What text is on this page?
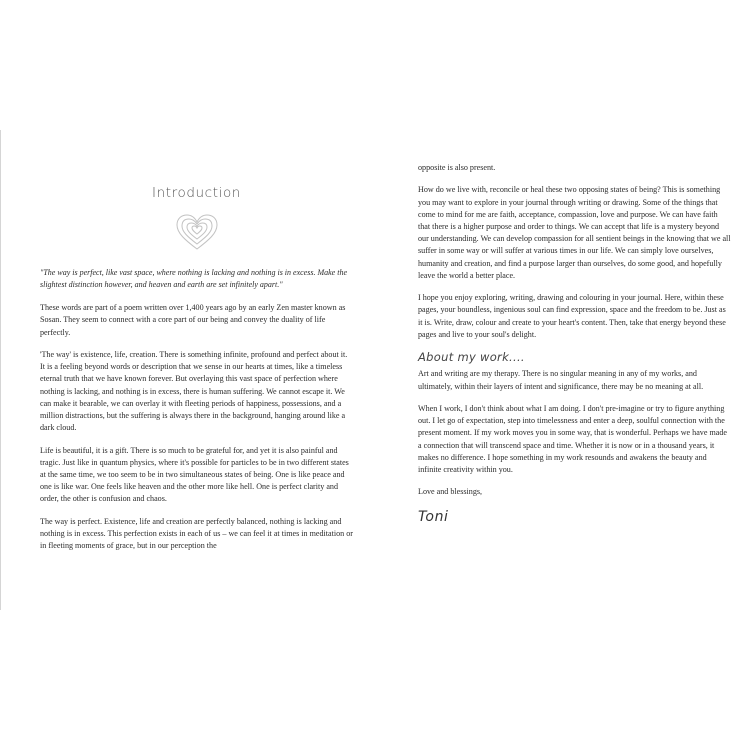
Introduction

"The way is perfect, like vast space, where nothing is lacking and nothing is in excess. Make the slightest distinction however, and heaven and earth are set infinitely apart."

These words are part of a poem written over 1,400 years ago by an early Zen master known as Sosan. They seem to connect with a core part of our being and convey the duality of life perfectly.

'The way' is existence, life, creation. There is something infinite, profound and perfect about it. It is a feeling beyond words or description that we sense in our hearts at times, like a timeless eternal truth that we have known forever. But overlaying this vast space of perfection where nothing is lacking, and nothing is in excess, there is human suffering. We cannot escape it. We can make it bearable, we can overlay it with fleeting periods of happiness, possessions, and a million distractions, but the suffering is always there in the background, hanging around like a dark cloud.

Life is beautiful, it is a gift. There is so much to be grateful for, and yet it is also painful and tragic. Just like in quantum physics, where it's possible for particles to be in two different states at the same time, we too seem to be in two simultaneous states of being. One is like peace and one is like war. One feels like heaven and the other more like hell. One is perfect clarity and order, the other is confusion and chaos.

The way is perfect. Existence, life and creation are perfectly balanced, nothing is lacking and nothing is in excess. This perfection exists in each of us – we can feel it at times in meditation or in fleeting moments of grace, but in our perception the

opposite is also present.

How do we live with, reconcile or heal these two opposing states of being? This is something you may want to explore in your journal through writing or drawing. Some of the things that come to mind for me are faith, acceptance, compassion, love and purpose. We can have faith that there is a higher purpose and order to things. We can accept that life is a mystery beyond our understanding. We can develop compassion for all sentient beings in the knowing that we all suffer in some way or will suffer at various times in our life. We can simply love ourselves, humanity and creation, and find a purpose larger than ourselves, do some good, and hopefully leave the world a better place.

I hope you enjoy exploring, writing, drawing and colouring in your journal. Here, within these pages, your boundless, ingenious soul can find expression, space and the freedom to be. Just as it is. Write, draw, colour and create to your heart's content. Then, take that energy beyond these pages and live to your soul's delight.

About my work....

Art and writing are my therapy. There is no singular meaning in any of my works, and ultimately, within their layers of intent and significance, there may be no meaning at all.

When I work, I don't think about what I am doing. I don't pre-imagine or try to figure anything out. I let go of expectation, step into timelessness and enter a deep, soulful connection with the present moment. If my work moves you in some way, that is wonderful. Perhaps we have made a connection that will transcend space and time. Whether it is now or in a thousand years, it makes no difference. I hope something in my work resounds and awakens the beauty and infinite creativity within you.

Love and blessings,

Toni
